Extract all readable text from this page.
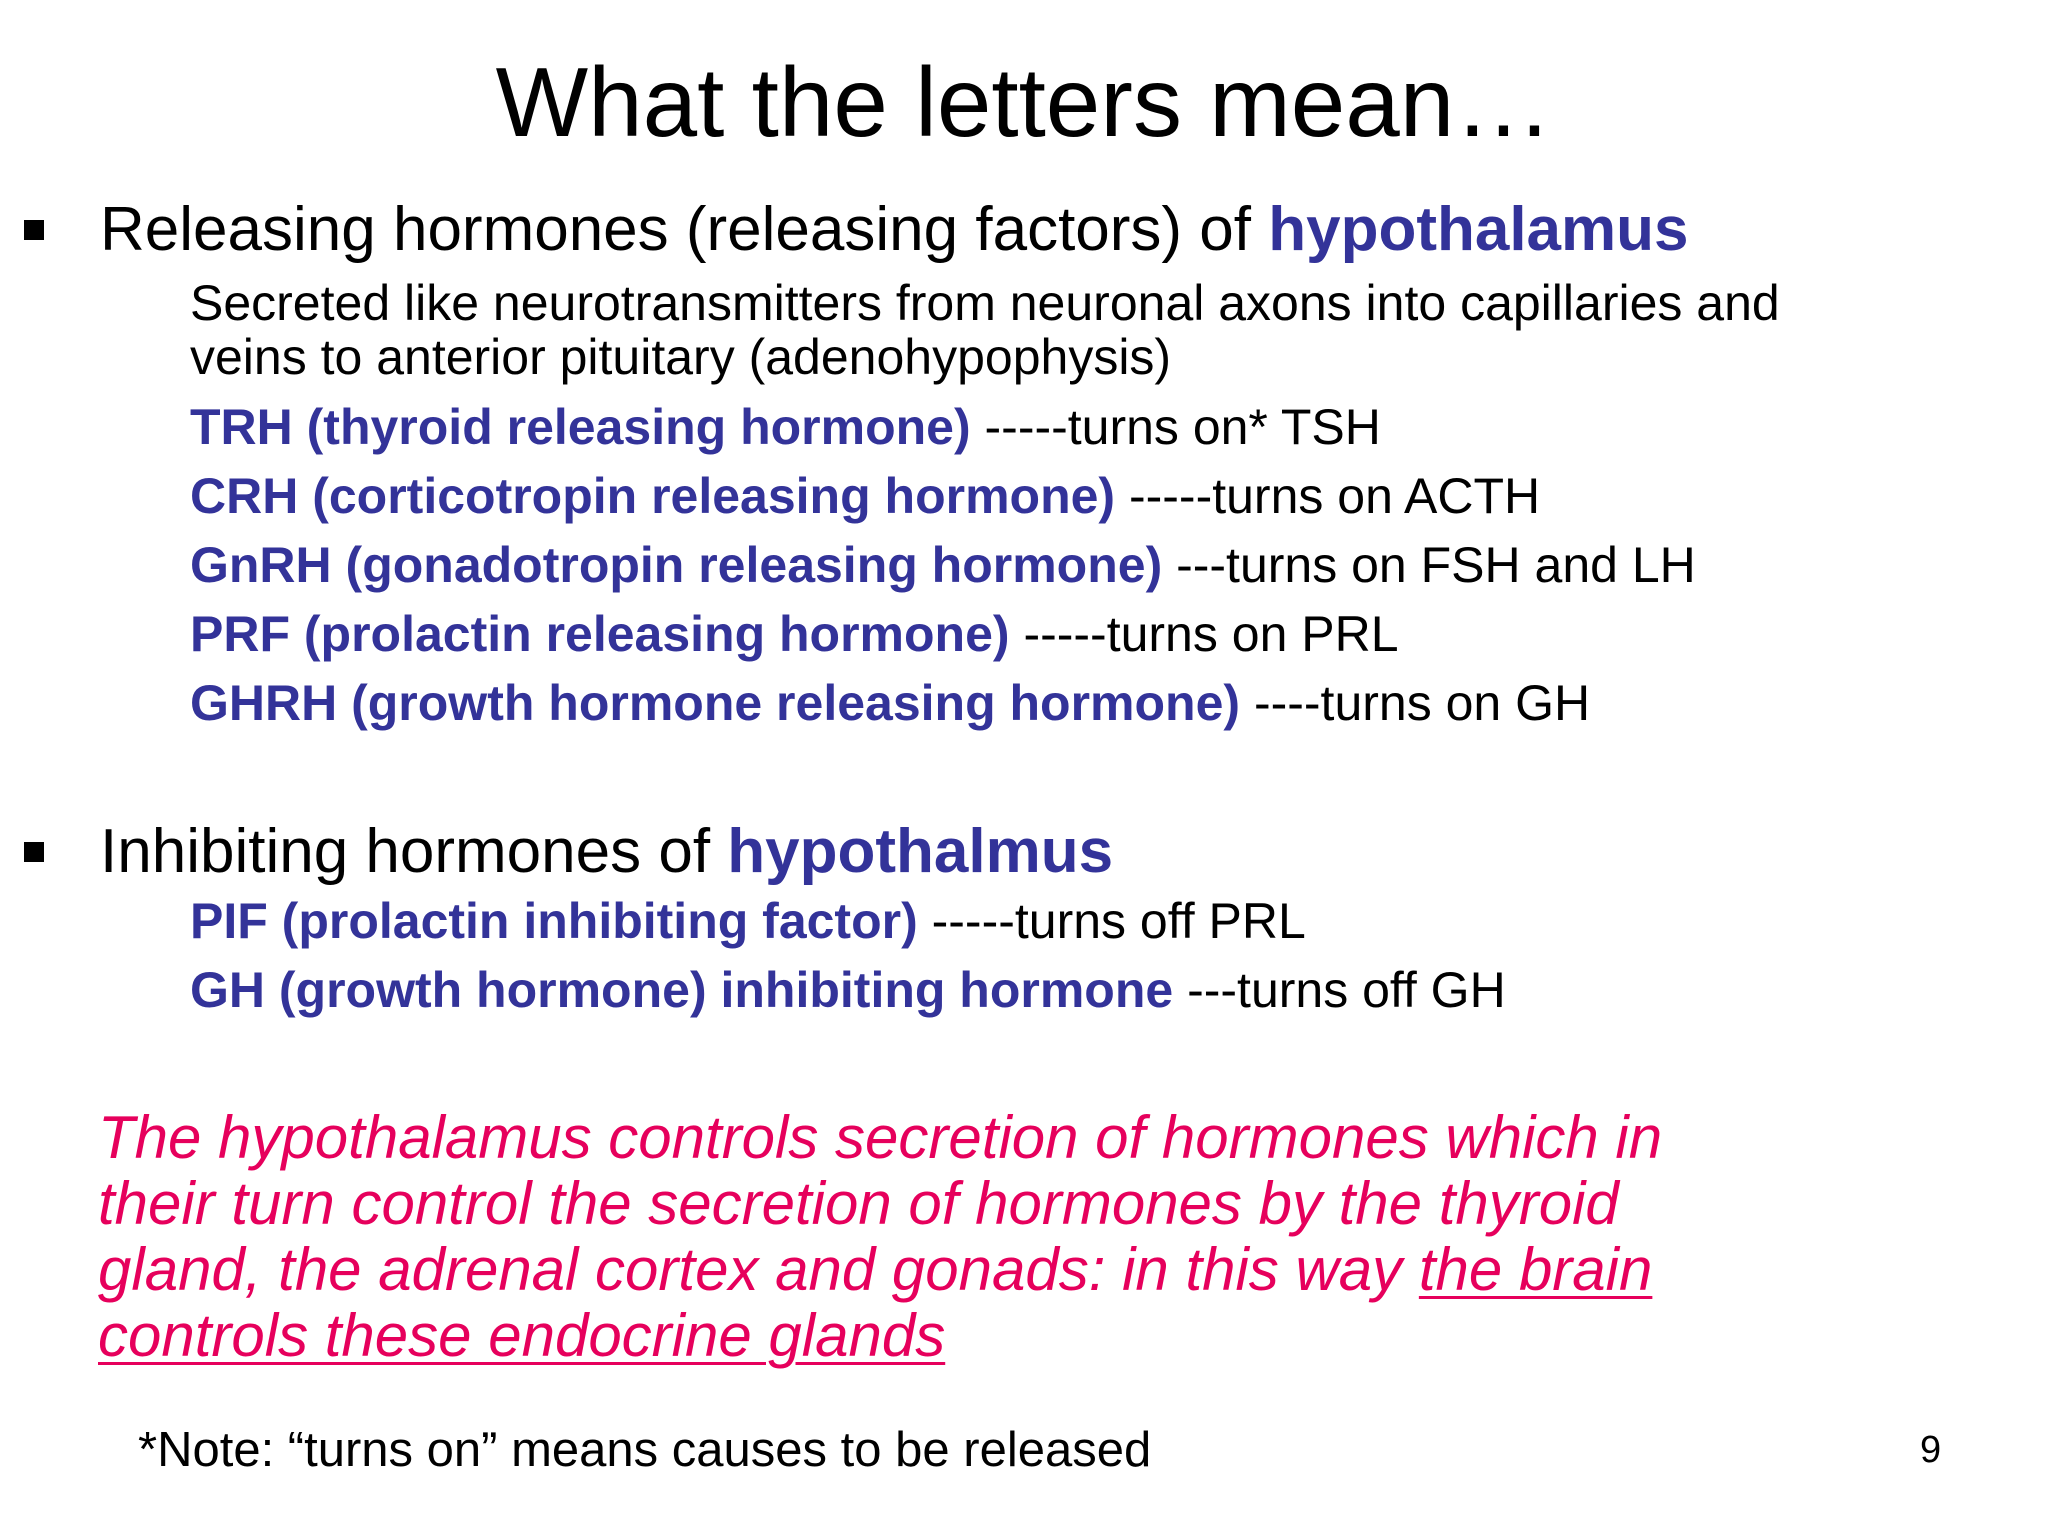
What the letters mean…
Releasing hormones (releasing factors) of hypothalamus
Secreted like neurotransmitters from neuronal axons into capillaries and
veins to anterior pituitary (adenohypophysis)
TRH (thyroid releasing hormone) -----turns on* TSH
CRH (corticotropin releasing hormone) -----turns on ACTH
GnRH (gonadotropin releasing hormone) ---turns on FSH and LH
PRF (prolactin releasing hormone) -----turns on PRL
GHRH (growth hormone releasing hormone) ----turns on GH
Inhibiting hormones of hypothalmus
PIF (prolactin inhibiting factor) -----turns off PRL
GH (growth hormone) inhibiting hormone ---turns off GH
The hypothalamus controls secretion of hormones which in
their turn control the secretion of hormones by the thyroid
gland, the adrenal cortex and gonads: in this way the brain
controls these endocrine glands
*Note: “turns on” means causes to be released	9
